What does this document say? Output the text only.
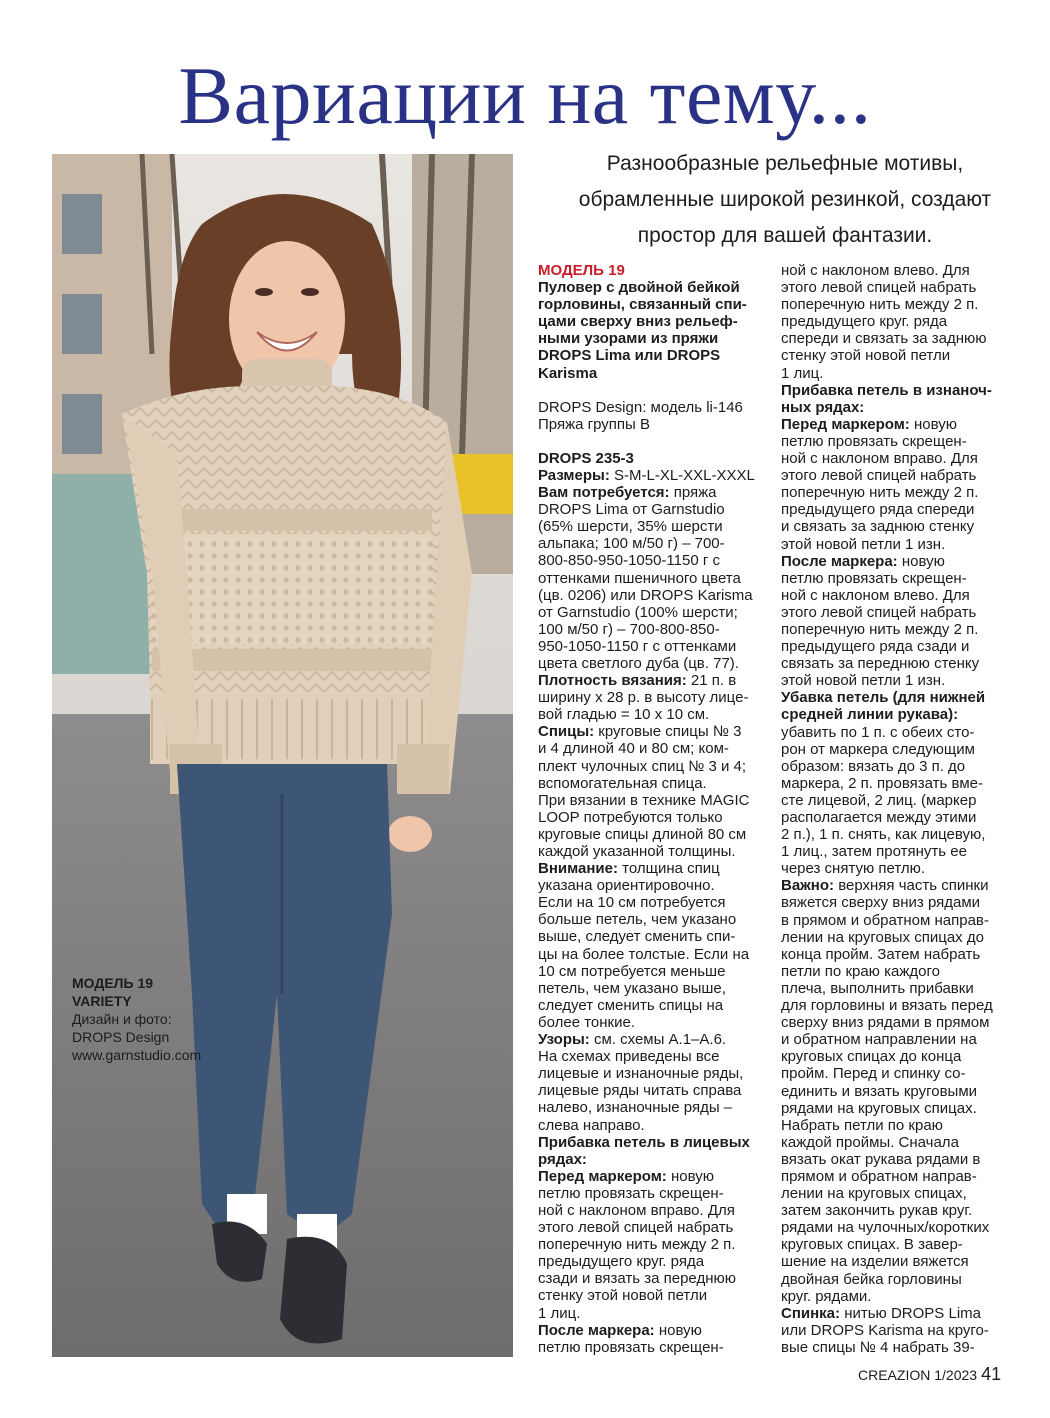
Вариации на тему...
МОДЕЛЬ 19
VARIETY
Дизайн и фото:
DROPS Design
www.garnstudio.com
Разнообразные рельефные мотивы,
обрамленные широкой резинкой, создают
простор для вашей фантазии.
МОДЕЛЬ 19
Пуловер с двойной бейкой
горловины, связанный спи-
цами сверху вниз рельеф-
ными узорами из пряжи
DROPS Lima или DROPS
Karisma
DROPS Design: модель li-146
Пряжа группы В
DROPS 235-3
Размеры: S-M-L-XL-XXL-XXXL
Вам потребуется: пряжа
DROPS Lima от Garnstudio
(65% шерсти, 35% шерсти
альпака; 100 м/50 г) – 700-
800-850-950-1050-1150 г с
оттенками пшеничного цвета
(цв. 0206) или DROPS Karisma
от Garnstudio (100% шерсти;
100 м/50 г) – 700-800-850-
950-1050-1150 г с оттенками
цвета светлого дуба (цв. 77).
Плотность вязания: 21 п. в
ширину х 28 р. в высоту лице-
вой гладью = 10 х 10 см.
Спицы: круговые спицы № 3
и 4 длиной 40 и 80 см; ком-
плект чулочных спиц № 3 и 4;
вспомогательная спица.
При вязании в технике MAGIC
LOOP потребуются только
круговые спицы длиной 80 см
каждой указанной толщины.
Внимание: толщина спиц
указана ориентировочно.
Если на 10 см потребуется
больше петель, чем указано
выше, следует сменить спи-
цы на более толстые. Если на
10 см потребуется меньше
петель, чем указано выше,
следует сменить спицы на
более тонкие.
Узоры: см. схемы А.1–А.6.
На схемах приведены все
лицевые и изнаночные ряды,
лицевые ряды читать справа
налево, изнаночные ряды –
слева направо.
Прибавка петель в лицевых
рядах:
Перед маркером: новую
петлю провязать скрещен-
ной с наклоном вправо. Для
этого левой спицей набрать
поперечную нить между 2 п.
предыдущего круг. ряда
сзади и вязать за переднюю
стенку этой новой петли
1 лиц.
После маркера: новую
петлю провязать скрещен-
ной с наклоном влево. Для
этого левой спицей набрать
поперечную нить между 2 п.
предыдущего круг. ряда
спереди и связать за заднюю
стенку этой новой петли
1 лиц.
Прибавка петель в изнаноч-
ных рядах:
Перед маркером: новую
петлю провязать скрещен-
ной с наклоном вправо. Для
этого левой спицей набрать
поперечную нить между 2 п.
предыдущего ряда спереди
и связать за заднюю стенку
этой новой петли 1 изн.
После маркера: новую
петлю провязать скрещен-
ной с наклоном влево. Для
этого левой спицей набрать
поперечную нить между 2 п.
предыдущего ряда сзади и
связать за переднюю стенку
этой новой петли 1 изн.
Убавка петель (для нижней
средней линии рукава):
убавить по 1 п. с обеих сто-
рон от маркера следующим
образом: вязать до 3 п. до
маркера, 2 п. провязать вме-
сте лицевой, 2 лиц. (маркер
располагается между этими
2 п.), 1 п. снять, как лицевую,
1 лиц., затем протянуть ее
через снятую петлю.
Важно: верхняя часть спинки
вяжется сверху вниз рядами
в прямом и обратном направ-
лении на круговых спицах до
конца пройм. Затем набрать
петли по краю каждого
плеча, выполнить прибавки
для горловины и вязать перед
сверху вниз рядами в прямом
и обратном направлении на
круговых спицах до конца
пройм. Перед и спинку со-
единить и вязать круговыми
рядами на круговых спицах.
Набрать петли по краю
каждой проймы. Сначала
вязать окат рукава рядами в
прямом и обратном направ-
лении на круговых спицах,
затем закончить рукав круг.
рядами на чулочных/коротких
круговых спицах. В завер-
шение на изделии вяжется
двойная бейка горловины
круг. рядами.
Спинка: нитью DROPS Lima
или DROPS Karisma на круго-
вые спицы № 4 набрать 39-
CREAZION 1/2023 41
